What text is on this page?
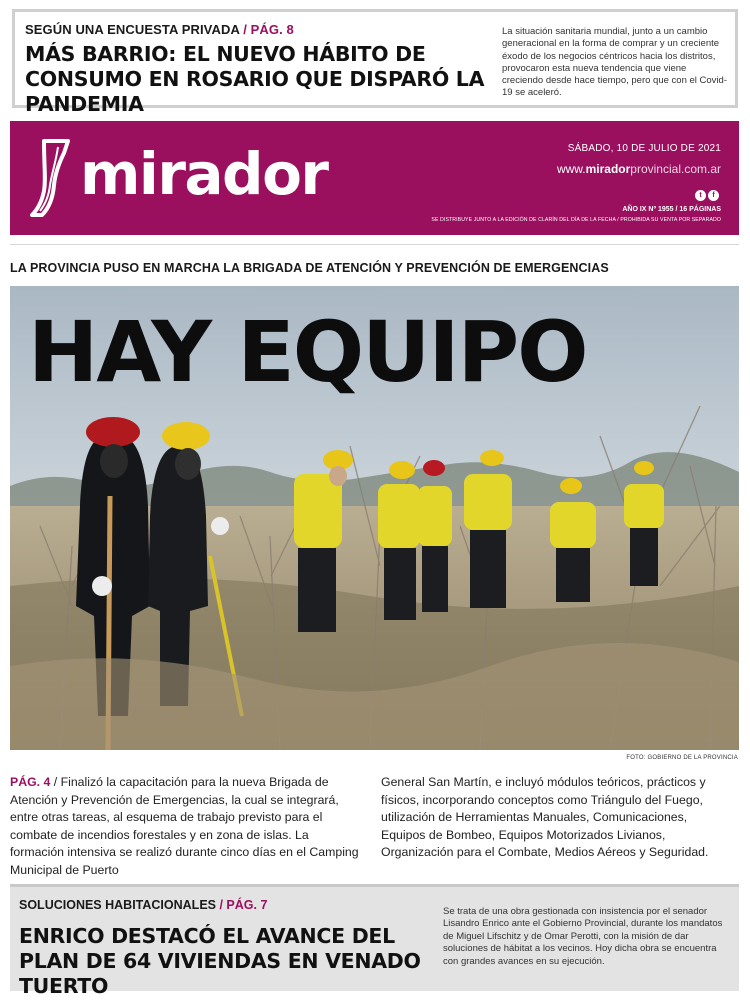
SEGÚN UNA ENCUESTA PRIVADA / PÁG. 8
MÁS BARRIO: EL NUEVO HÁBITO DE CONSUMO EN ROSARIO QUE DISPARÓ LA PANDEMIA

La situación sanitaria mundial, junto a un cambio generacional en la forma de comprar y un creciente éxodo de los negocios céntricos hacia los distritos, provocaron esta nueva tendencia que viene creciendo desde hace tiempo, pero que con el Covid-19 se aceleró.

mirador	SÁBADO, 10 DE JULIO DE 2021
www.miradorprovincial.com.ar
t	f
AÑO IX Nº 1955 / 16 PÁGINAS
SE DISTRIBUYE JUNTO A LA EDICIÓN DE CLARÍN DEL DÍA DE LA FECHA / PROHIBIDA SU VENTA POR SEPARADO
LA PROVINCIA PUSO EN MARCHA LA BRIGADA DE ATENCIÓN Y PREVENCIÓN DE EMERGENCIAS
HAY EQUIPO
FOTO: GOBIERNO DE LA PROVINCIA

PÁG. 4 / Finalizó la capacitación para la nueva Brigada de Atención y Prevención de Emergencias, la cual se integrará, entre otras tareas, al esquema de trabajo previsto para el combate de incendios forestales y en zona de islas. La formación intensiva se realizó durante cinco días en el Camping Municipal de Puerto

General San Martín, e incluyó módulos teóricos, prácticos y físicos, incorporando conceptos como Triángulo del Fuego, utilización de Herramientas Manuales, Comunicaciones, Equipos de Bombeo, Equipos Motorizados Livianos, Organización para el Combate, Medios Aéreos y Seguridad.

SOLUCIONES HABITACIONALES / PÁG. 7
ENRICO DESTACÓ EL AVANCE DEL PLAN DE 64 VIVIENDAS EN VENADO TUERTO

Se trata de una obra gestionada con insistencia por el senador Lisandro Enrico ante el Gobierno Provincial, durante los mandatos de Miguel Lifschitz y de Omar Perotti, con la misión de dar soluciones de hábitat a los vecinos. Hoy dicha obra se encuentra con grandes avances en su ejecución.
